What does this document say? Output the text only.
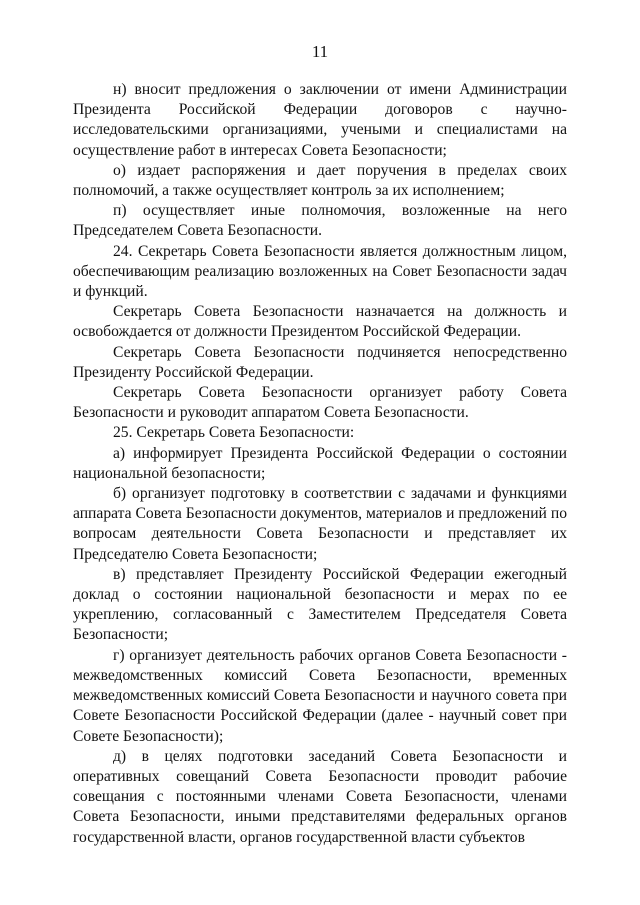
11

н) вносит предложения о заключении от имени Администрации Президента Российской Федерации договоров с научно-исследовательскими организациями, учеными и специалистами на осуществление работ в интересах Совета Безопасности;

о) издает распоряжения и дает поручения в пределах своих полномочий, а также осуществляет контроль за их исполнением;

п) осуществляет иные полномочия, возложенные на него Председателем Совета Безопасности.

24. Секретарь Совета Безопасности является должностным лицом, обеспечивающим реализацию возложенных на Совет Безопасности задач и функций.

Секретарь Совета Безопасности назначается на должность и освобождается от должности Президентом Российской Федерации.

Секретарь Совета Безопасности подчиняется непосредственно Президенту Российской Федерации.

Секретарь Совета Безопасности организует работу Совета Безопасности и руководит аппаратом Совета Безопасности.

25. Секретарь Совета Безопасности:

а) информирует Президента Российской Федерации о состоянии национальной безопасности;

б) организует подготовку в соответствии с задачами и функциями аппарата Совета Безопасности документов, материалов и предложений по вопросам деятельности Совета Безопасности и представляет их Председателю Совета Безопасности;

в) представляет Президенту Российской Федерации ежегодный доклад о состоянии национальной безопасности и мерах по ее укреплению, согласованный с Заместителем Председателя Совета Безопасности;

г) организует деятельность рабочих органов Совета Безопасности - межведомственных комиссий Совета Безопасности, временных межведомственных комиссий Совета Безопасности и научного совета при Совете Безопасности Российской Федерации (далее - научный совет при Совете Безопасности);

д) в целях подготовки заседаний Совета Безопасности и оперативных совещаний Совета Безопасности проводит рабочие совещания с постоянными членами Совета Безопасности, членами Совета Безопасности, иными представителями федеральных органов государственной власти, органов государственной власти субъектов
